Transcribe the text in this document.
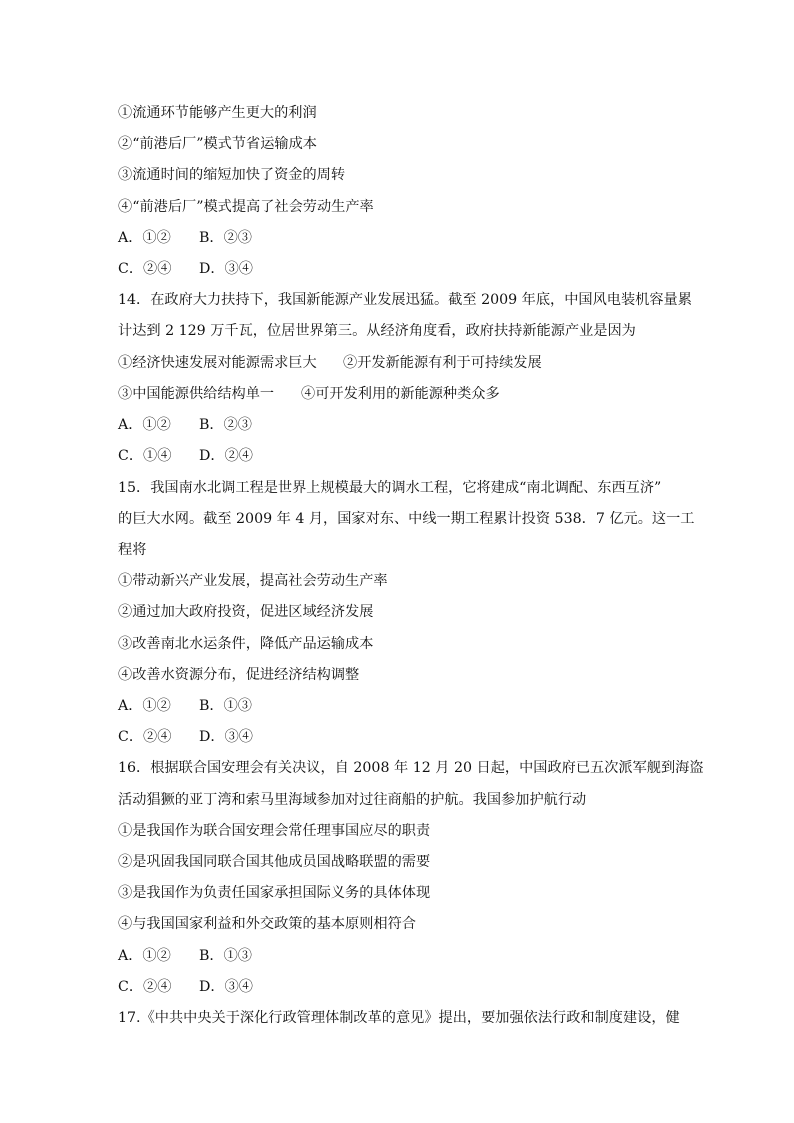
①流通环节能够产生更大的利润
②“前港后厂”模式节省运输成本
③流通时间的缩短加快了资金的周转
④“前港后厂”模式提高了社会劳动生产率
A．①② B．②③
C．②④ D．③④
14．在政府大力扶持下，我国新能源产业发展迅猛。截至 2009 年底，中国风电装机容量累
计达到 2 129 万千瓦，位居世界第三。从经济角度看，政府扶持新能源产业是因为
①经济快速发展对能源需求巨大 ②开发新能源有利于可持续发展
③中国能源供给结构单一 ④可开发利用的新能源种类众多
A．①② B．②③
C．①④ D．②④
15．我国南水北调工程是世界上规模最大的调水工程，它将建成“南北调配、东西互济”
的巨大水网。截至 2009 年 4 月，国家对东、中线一期工程累计投资 538．7 亿元。这一工
程将
①带动新兴产业发展，提高社会劳动生产率
②通过加大政府投资，促进区域经济发展
③改善南北水运条件，降低产品运输成本
④改善水资源分布，促进经济结构调整
A．①② B．①③
C．②④ D．③④
16．根据联合国安理会有关决议，自 2008 年 12 月 20 日起，中国政府已五次派军舰到海盗
活动猖獗的亚丁湾和索马里海域参加对过往商船的护航。我国参加护航行动
①是我国作为联合国安理会常任理事国应尽的职责
②是巩固我国同联合国其他成员国战略联盟的需要
③是我国作为负责任国家承担国际义务的具体体现
④与我国国家利益和外交政策的基本原则相符合
A．①② B．①③
C．②④ D．③④
17.《中共中央关于深化行政管理体制改革的意见》提出，要加强依法行政和制度建设，健
